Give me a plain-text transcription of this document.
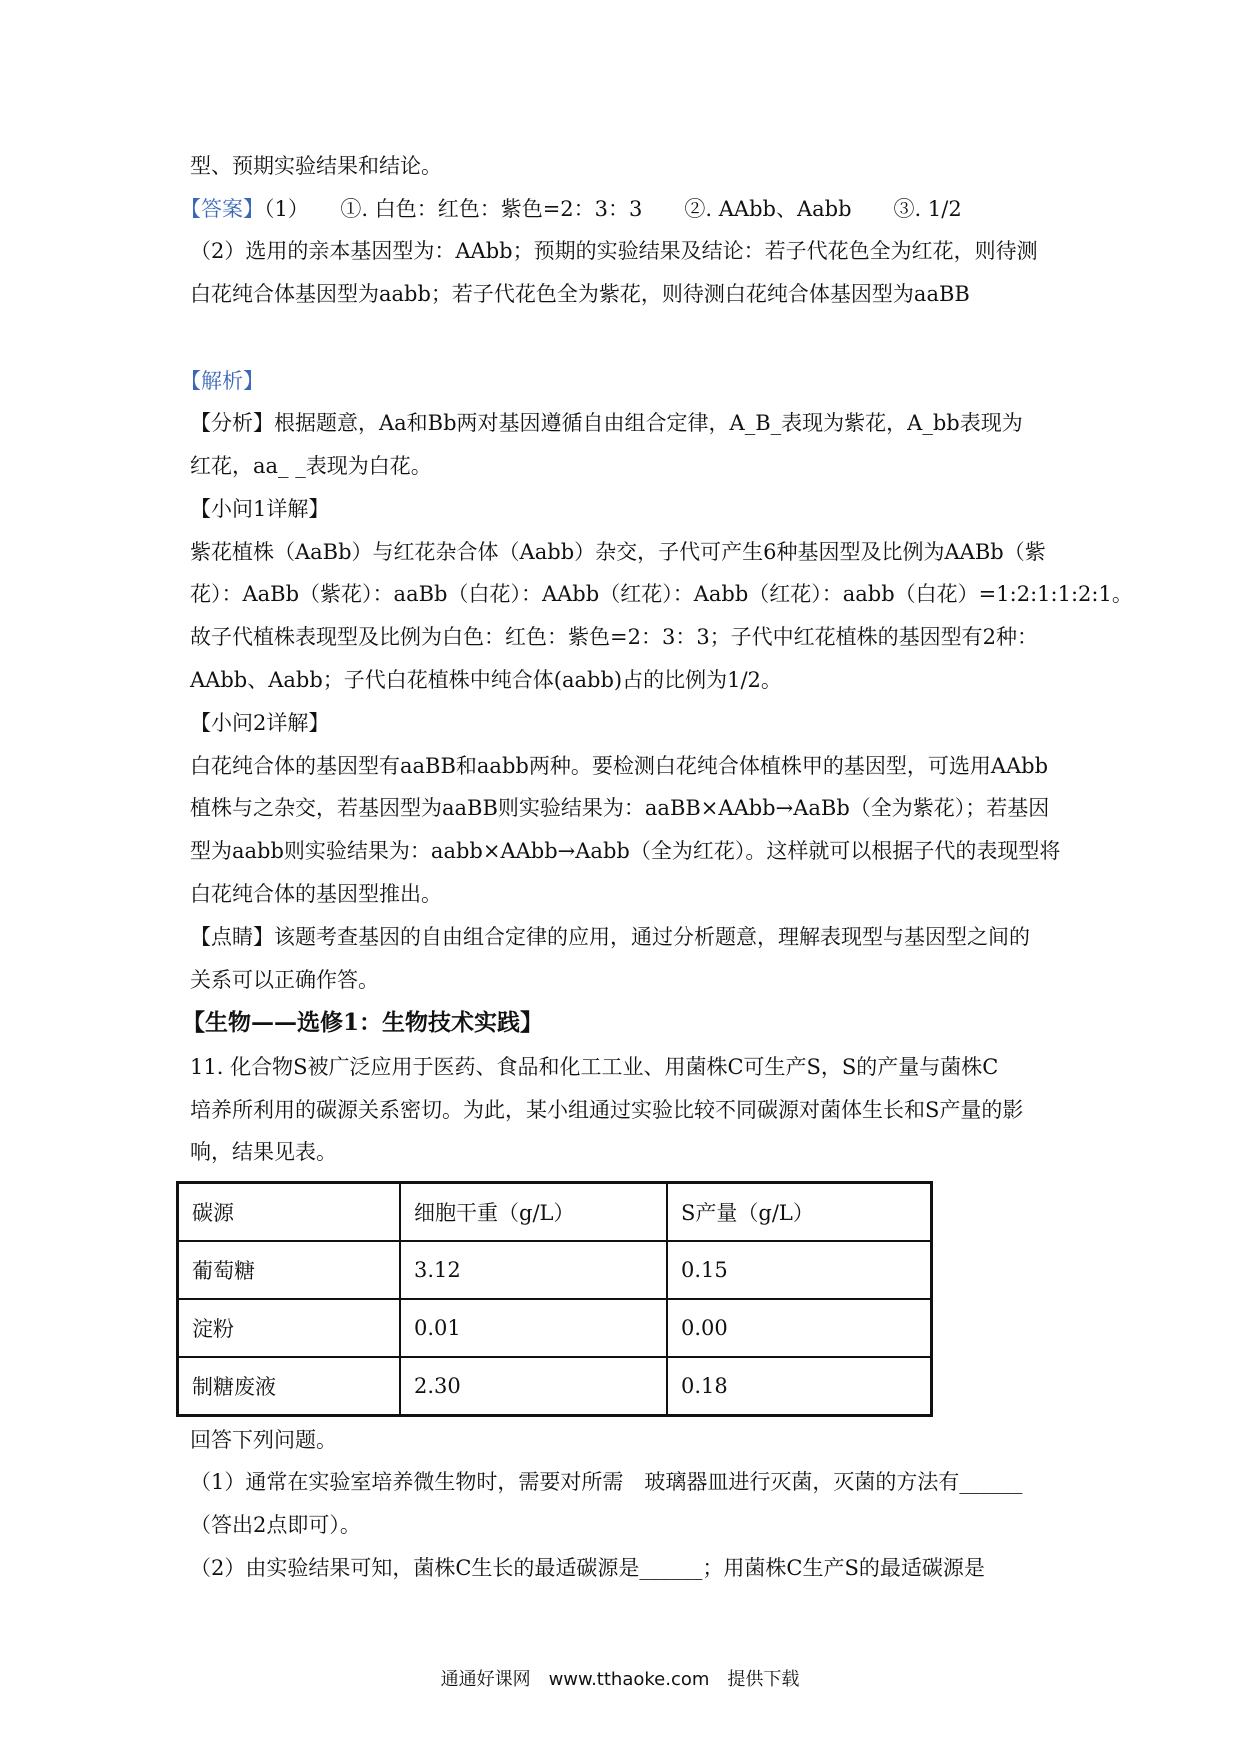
型、预期实验结果和结论。
【答案】（1）　　①. 白色：红色：紫色=2：3：3　　②. AAbb、Aabb　　③. 1/2
（2）选用的亲本基因型为：AAbb；预期的实验结果及结论：若子代花色全为红花，则待测
白花纯合体基因型为aabb；若子代花色全为紫花，则待测白花纯合体基因型为aaBB
【解析】
【分析】根据题意，Aa和Bb两对基因遵循自由组合定律，A_B_表现为紫花，A_bb表现为
红花，aa_ _表现为白花。
【小问1详解】
紫花植株（AaBb）与红花杂合体（Aabb）杂交，子代可产生6种基因型及比例为AABb（紫
花）：AaBb（紫花）：aaBb（白花）：AAbb（红花）：Aabb（红花）：aabb（白花）=1:2:1:1:2:1。
故子代植株表现型及比例为白色：红色：紫色=2：3：3；子代中红花植株的基因型有2种：
AAbb、Aabb；子代白花植株中纯合体(aabb)占的比例为1/2。
【小问2详解】
白花纯合体的基因型有aaBB和aabb两种。要检测白花纯合体植株甲的基因型，可选用AAbb
植株与之杂交，若基因型为aaBB则实验结果为：aaBB×AAbb→AaBb（全为紫花）；若基因
型为aabb则实验结果为：aabb×AAbb→Aabb（全为红花）。这样就可以根据子代的表现型将
白花纯合体的基因型推出。
【点睛】该题考查基因的自由组合定律的应用，通过分析题意，理解表现型与基因型之间的
关系可以正确作答。
【生物——选修1：生物技术实践】
11. 化合物S被广泛应用于医药、食品和化工工业、用菌株C可生产S，S的产量与菌株C
培养所利用的碳源关系密切。为此，某小组通过实验比较不同碳源对菌体生长和S产量的影
响，结果见表。
碳源	细胞干重（g/L）	S产量（g/L）
葡萄糖	3.12	0.15
淀粉	0.01	0.00
制糖废液	2.30	0.18
回答下列问题。
（1）通常在实验室培养微生物时，需要对所需　玻璃器皿进行灭菌，灭菌的方法有______
（答出2点即可）。
（2）由实验结果可知，菌株C生长的最适碳源是______；用菌株C生产S的最适碳源是
通通好课网　www.tthaoke.com　提供下载
